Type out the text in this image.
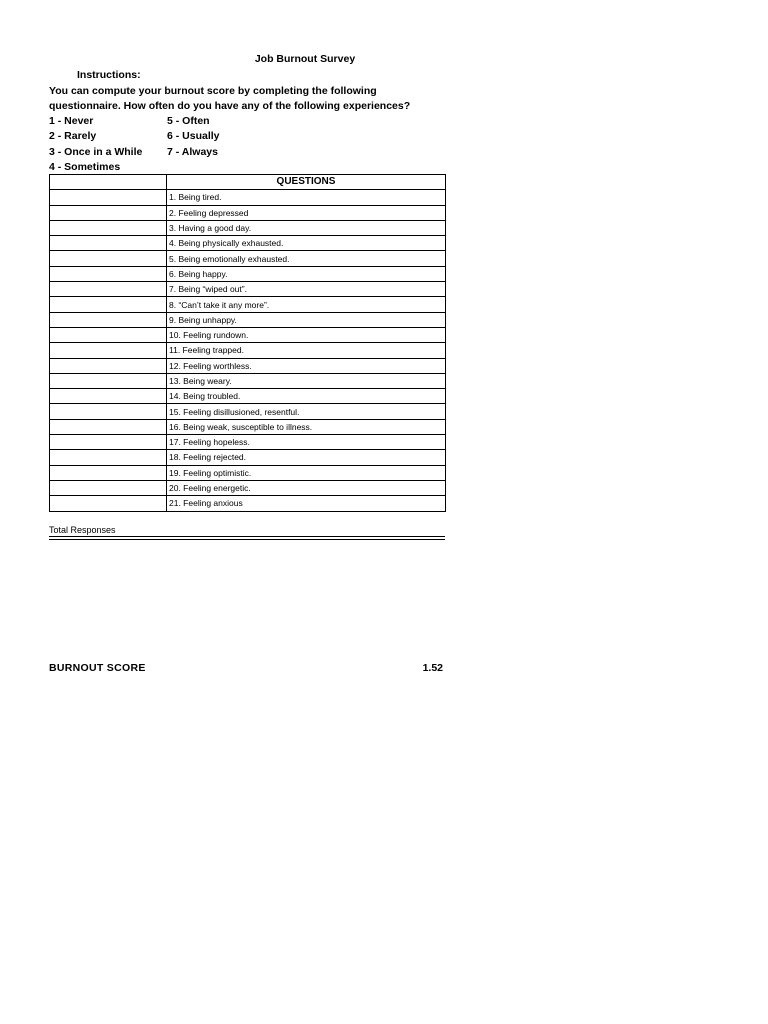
Job Burnout Survey
Instructions:
You can compute your burnout score by completing the following
questionnaire. How often do you have any of the following experiences?
1 - Never
2 - Rarely
3 - Once in a While
4 - Sometimes
5 - Often
6 - Usually
7 - Always
	QUESTIONS
	1. Being tired.
	2. Feeling depressed
	3. Having a good day.
	4. Being physically exhausted.
	5. Being emotionally exhausted.
	6. Being happy.
	7. Being “wiped out”.
	8. “Can’t take it any more”.
	9. Being unhappy.
	10. Feeling rundown.
	11. Feeling trapped.
	12. Feeling worthless.
	13. Being weary.
	14. Being troubled.
	15. Feeling disillusioned, resentful.
	16. Being weak, susceptible to illness.
	17. Feeling hopeless.
	18. Feeling rejected.
	19. Feeling optimistic.
	20. Feeling energetic.
	21. Feeling anxious
Total Responses
BURNOUT SCORE	1.52
